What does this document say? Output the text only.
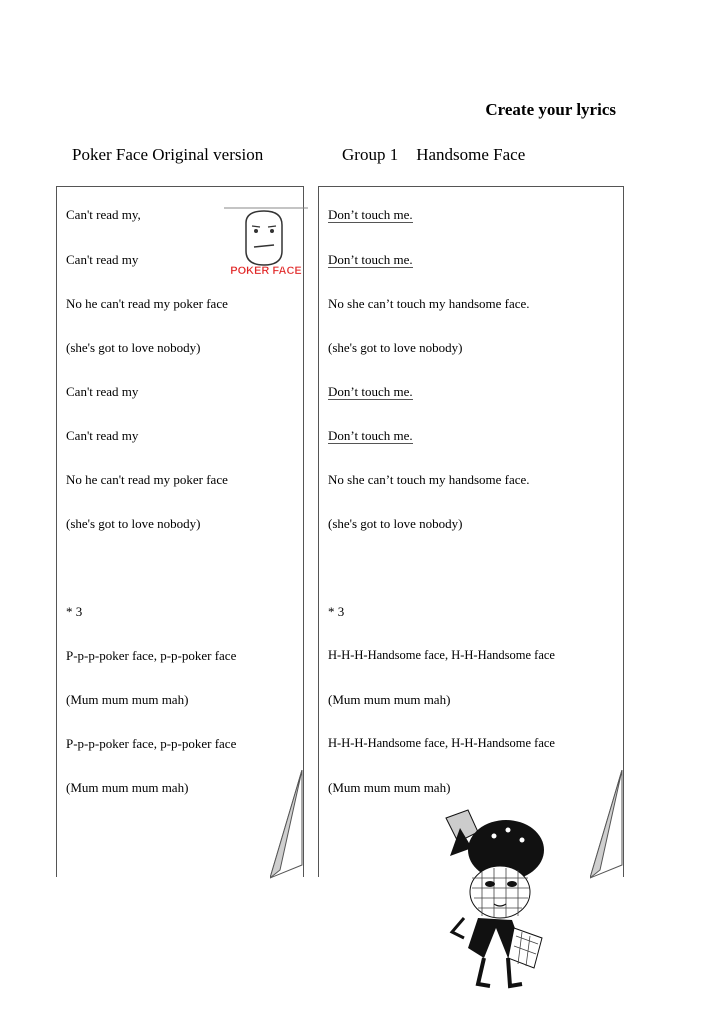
Create your lyrics
Poker Face Original version	Group 1 Handsome Face
Can't read my,
Can't read my
No he can't read my poker face
(she's got to love nobody)
Can't read my
Can't read my
No he can't read my poker face
(she's got to love nobody)
* 3
P-p-p-poker face, p-p-poker face
(Mum mum mum mah)
P-p-p-poker face, p-p-poker face
(Mum mum mum mah)
Don’t touch me.
Don’t touch me.
No she can’t touch my handsome face.
(she's got to love nobody)
Don’t touch me.
Don’t touch me.
No she can’t touch my handsome face.
(she's got to love nobody)
* 3
H-H-H-Handsome face, H-H-Handsome face
(Mum mum mum mah)
H-H-H-Handsome face, H-H-Handsome face
(Mum mum mum mah)
POKER FACE
